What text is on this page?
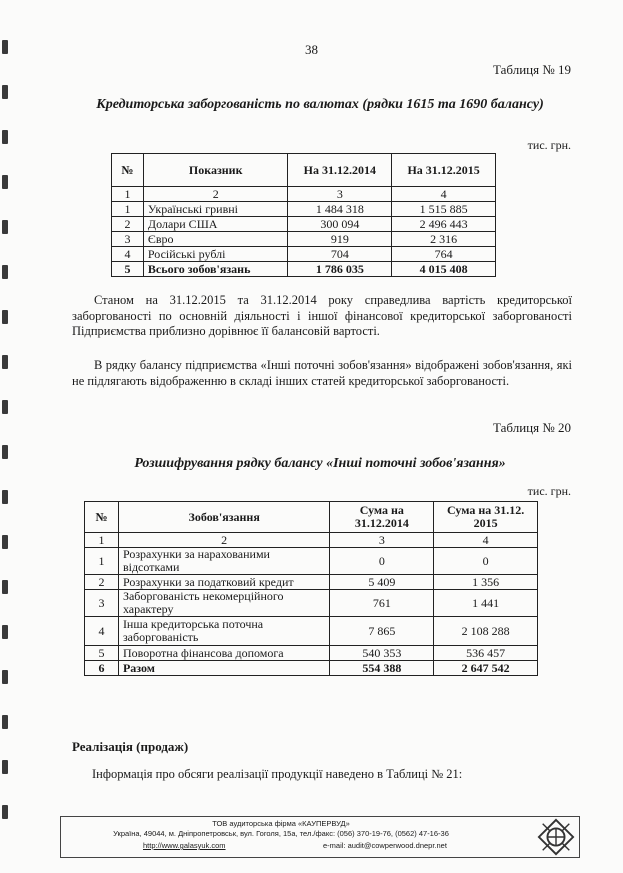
38
Таблиця № 19
Кредиторська заборгованість по валютах (рядки 1615 та 1690 балансу)
тис. грн.
№	Показник	На 31.12.2014	На 31.12.2015
1	2	3	4
1	Українські гривні	1 484 318	1 515 885
2	Долари США	300 094	2 496 443
3	Євро	919	2 316
4	Російські рублі	704	764
5	Всього зобов'язань	1 786 035	4 015 408
Станом на 31.12.2015 та 31.12.2014 року справедлива вартість кредиторської заборгованості по основній діяльності і іншої фінансової кредиторської заборгованості Підприємства приблизно дорівнює її балансовій вартості.
В рядку балансу підприємства «Інші поточні зобов'язання» відображені зобов'язання, які не підлягають відображенню в складі інших статей кредиторської заборгованості.
Таблиця № 20
Розшифрування рядку балансу «Інші поточні зобов'язання»
тис. грн.
№	Зобов'язання	Сума на 31.12.2014	Сума на 31.12. 2015
1	2	3	4
1	Розрахунки за нарахованими відсотками	0	0
2	Розрахунки за податковий кредит	5 409	1 356
3	Заборгованість некомерційного характеру	761	1 441
4	Інша кредиторська поточна заборгованість	7 865	2 108 288
5	Поворотна фінансова допомога	540 353	536 457
6	Разом	554 388	2 647 542
Реалізація (продаж)
Інформація про обсяги реалізації продукції наведено в Таблиці № 21:
ТОВ аудиторська фірма «КАУПЕРВУД»
Україна, 49044, м. Дніпропетровськ, вул. Гоголя, 15а, тел./факс: (056) 370-19-76, (0562) 47-16-36
http://www.galasyuk.com	e-mail: audit@cowperwood.dnepr.net
